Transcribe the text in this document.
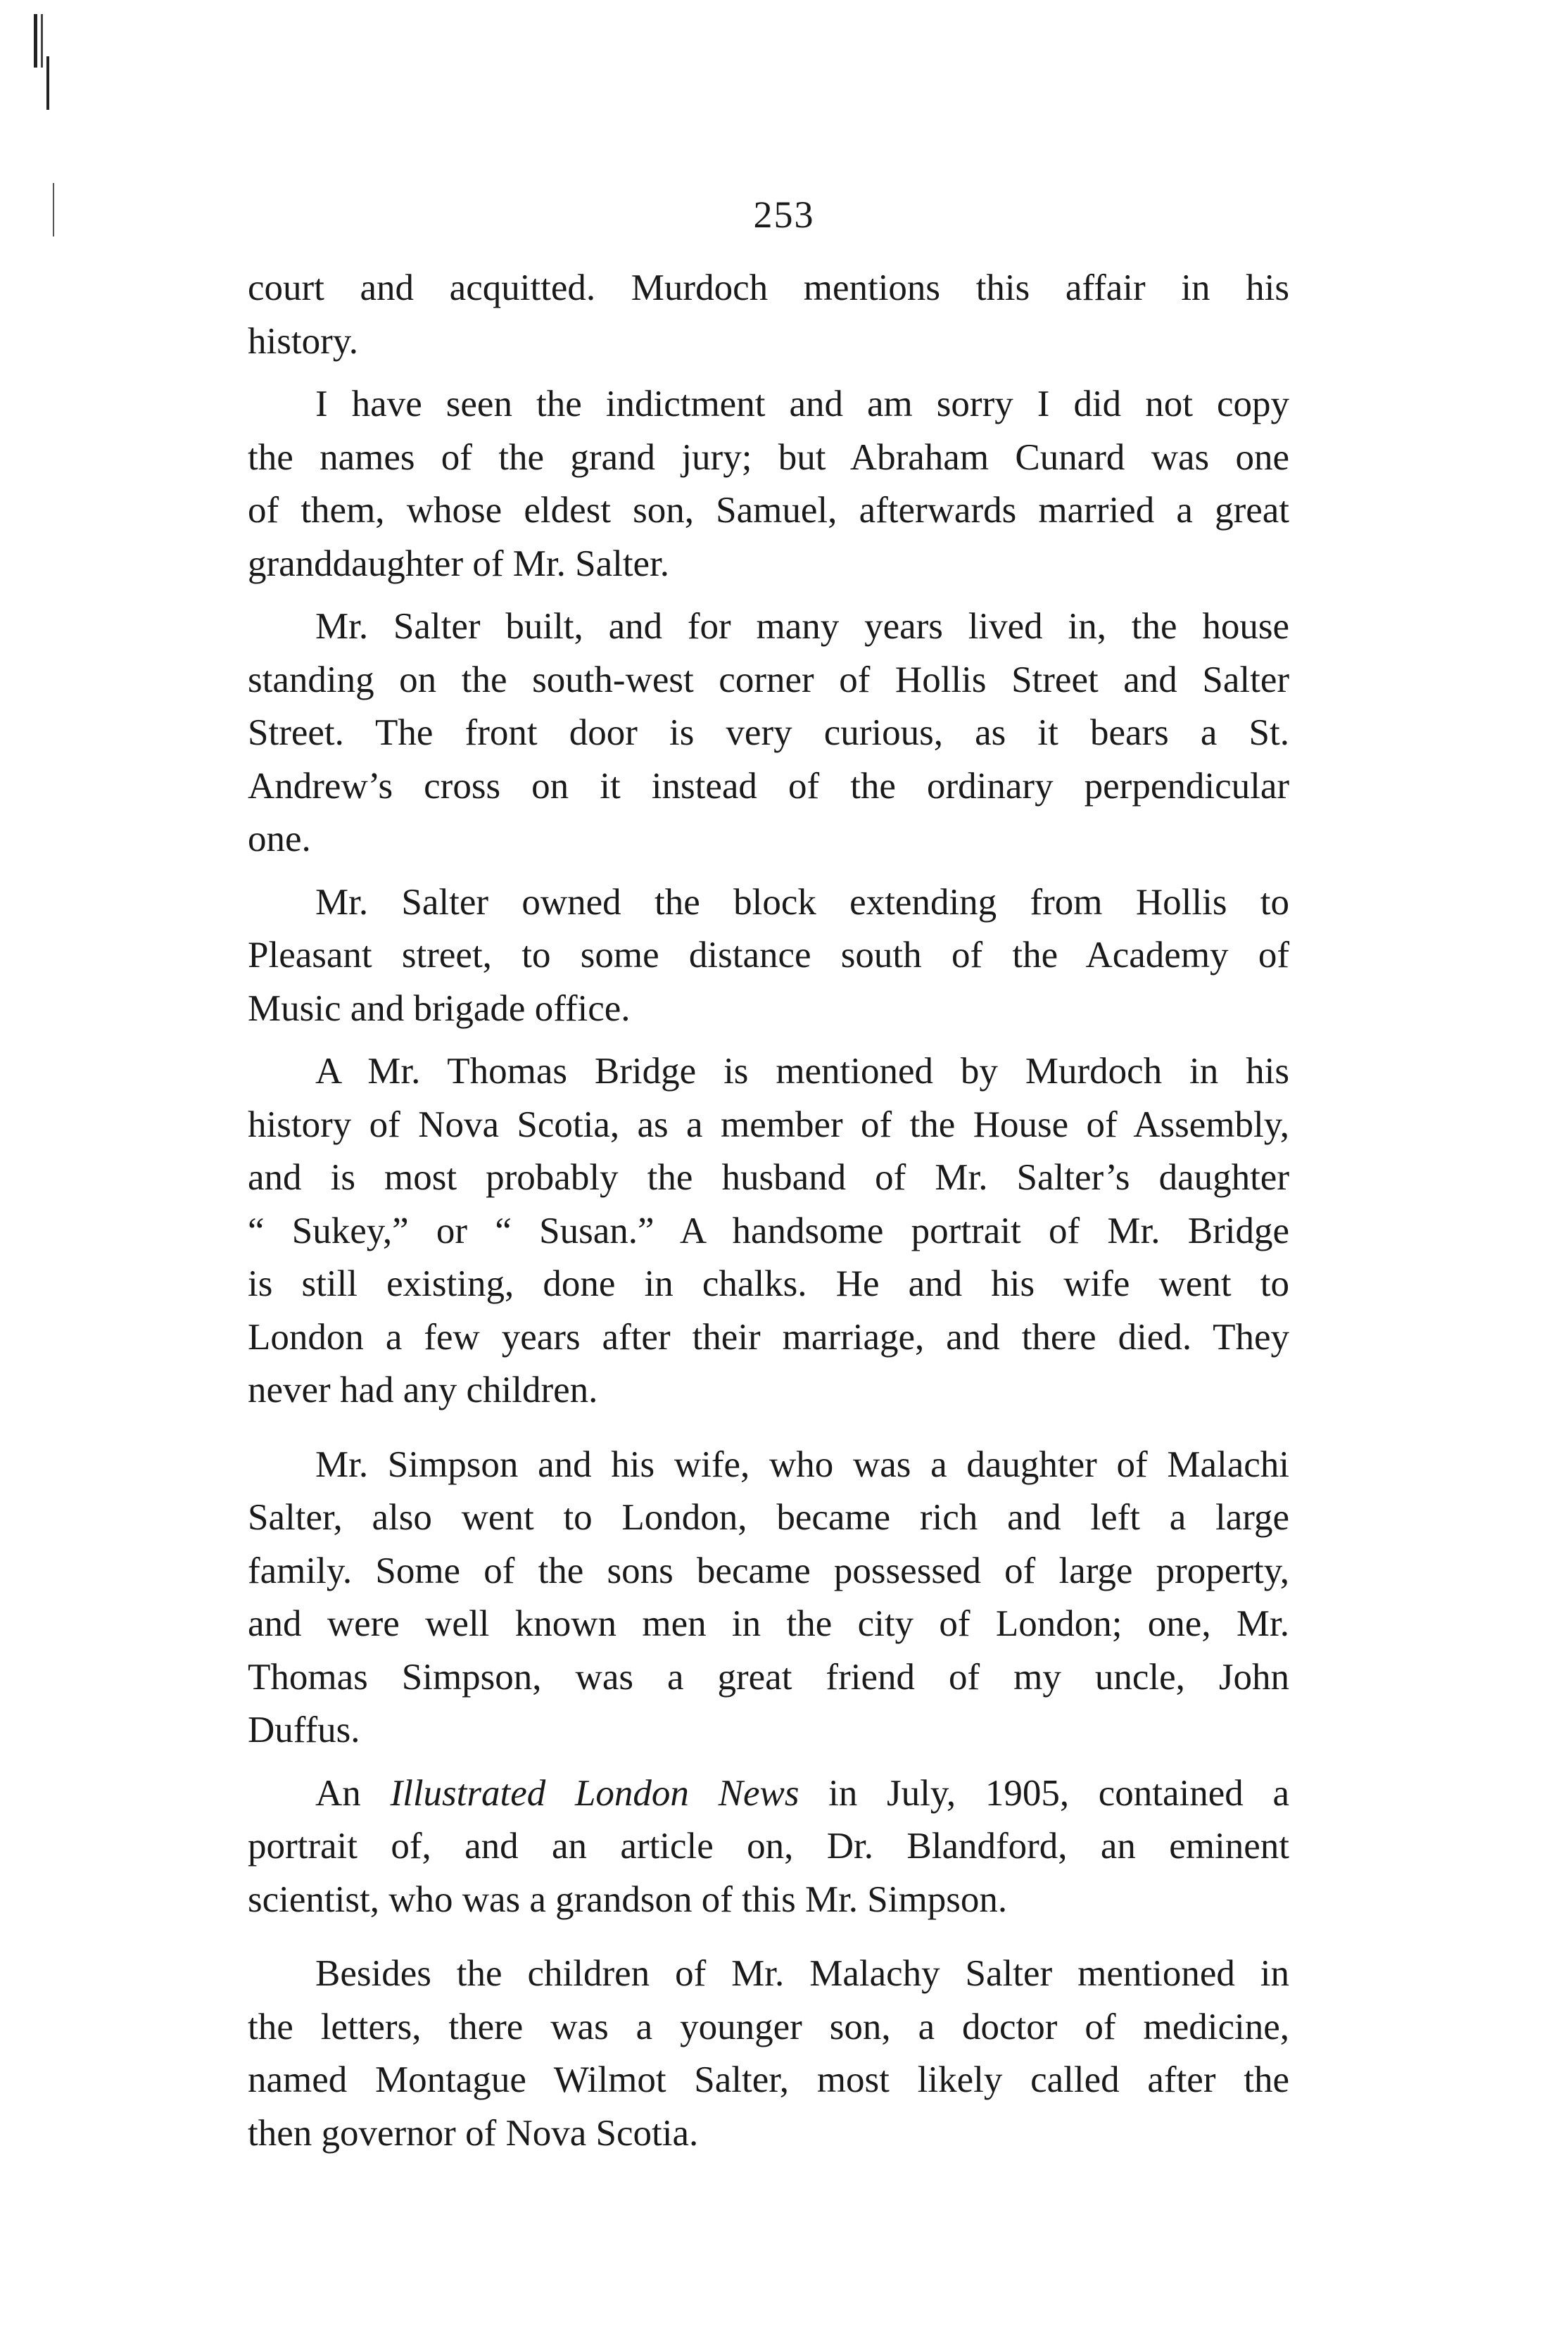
253
court and acquitted. Murdoch mentions this affair in his
history.
I have seen the indictment and am sorry I did not copy
the names of the grand jury; but Abraham Cunard was one
of them, whose eldest son, Samuel, afterwards married a great
granddaughter of Mr. Salter.
Mr. Salter built, and for many years lived in, the house
standing on the south-west corner of Hollis Street and Salter
Street. The front door is very curious, as it bears a St.
Andrew’s cross on it instead of the ordinary perpendicular
one.
Mr. Salter owned the block extending from Hollis to
Pleasant street, to some distance south of the Academy of
Music and brigade office.
A Mr. Thomas Bridge is mentioned by Murdoch in his
history of Nova Scotia, as a member of the House of Assembly,
and is most probably the husband of Mr. Salter’s daughter
“ Sukey,” or “ Susan.” A handsome portrait of Mr. Bridge
is still existing, done in chalks. He and his wife went to
London a few years after their marriage, and there died. They
never had any children.
Mr. Simpson and his wife, who was a daughter of Malachi
Salter, also went to London, became rich and left a large
family. Some of the sons became possessed of large property,
and were well known men in the city of London; one, Mr.
Thomas Simpson, was a great friend of my uncle, John
Duffus.
An Illustrated London News in July, 1905, contained a
portrait of, and an article on, Dr. Blandford, an eminent
scientist, who was a grandson of this Mr. Simpson.
Besides the children of Mr. Malachy Salter mentioned in
the letters, there was a younger son, a doctor of medicine,
named Montague Wilmot Salter, most likely called after the
then governor of Nova Scotia.
